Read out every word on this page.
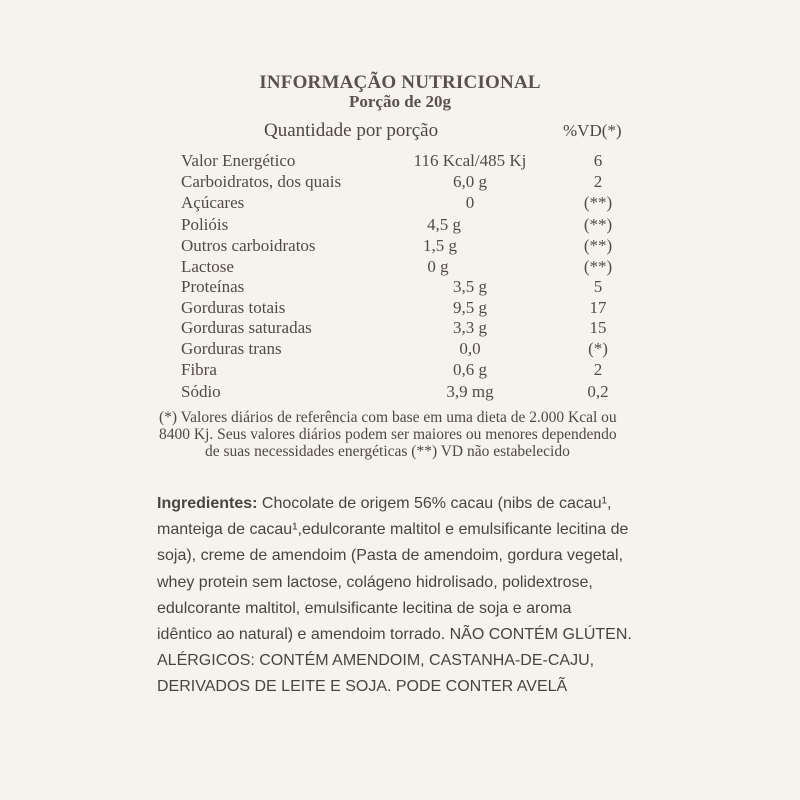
INFORMAÇÃO NUTRICIONAL
Porção de 20g
Quantidade por porção	%VD(*)
Valor Energético	116 Kcal/485 Kj	6
Carboidratos, dos quais	6,0 g	2
Açúcares	0	(**)
Polióis	4,5 g	(**)
Outros carboidratos	1,5 g	(**)
Lactose	0 g	(**)
Proteínas	3,5 g	5
Gorduras totais	9,5 g	17
Gorduras saturadas	3,3 g	15
Gorduras trans	0,0	(*)
Fibra	0,6 g	2
Sódio	3,9 mg	0,2
(*) Valores diários de referência com base em uma dieta de 2.000 Kcal ou
8400 Kj. Seus valores diários podem ser maiores ou menores dependendo
de suas necessidades energéticas (**) VD não estabelecido
Ingredientes: Chocolate de origem 56% cacau (nibs de cacau¹,
manteiga de cacau¹,edulcorante maltitol e emulsificante lecitina de
soja), creme de amendoim (Pasta de amendoim, gordura vegetal,
whey protein sem lactose, colágeno hidrolisado, polidextrose,
edulcorante maltitol, emulsificante lecitina de soja e aroma
idêntico ao natural) e amendoim torrado. NÃO CONTÉM GLÚTEN.
ALÉRGICOS: CONTÉM AMENDOIM, CASTANHA-DE-CAJU,
DERIVADOS DE LEITE E SOJA. PODE CONTER AVELÃ
